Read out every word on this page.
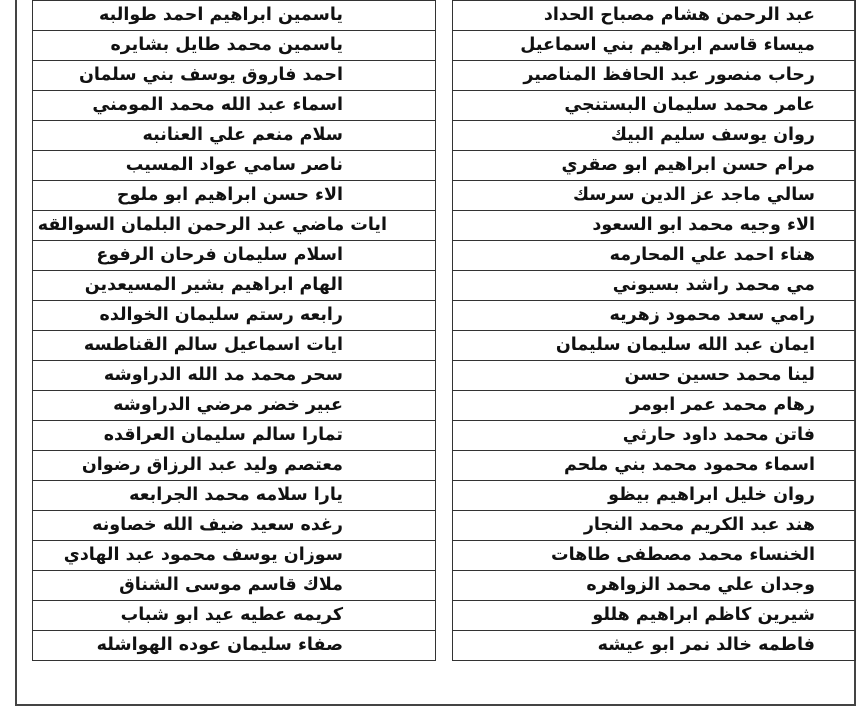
عبد الرحمن هشام مصباح الحداد
ميساء قاسم ابراهيم بني اسماعيل
رحاب منصور عبد الحافظ المناصير
عامر محمد سليمان البستنجي
روان يوسف سليم البيك
مرام حسن ابراهيم ابو صقري
سالي ماجد عز الدين سرسك
الاء وجيه محمد ابو السعود
هناء احمد علي المحارمه
مي محمد راشد بسيوني
رامي سعد محمود زهريه
ايمان عبد الله سليمان سليمان
لينا محمد حسين حسن
رهام محمد عمر ابومر
فاتن محمد داود حارثي
اسماء محمود محمد بني ملحم
روان خليل ابراهيم بيظو
هند عبد الكريم محمد النجار
الخنساء محمد مصطفى طاهات
وجدان علي محمد الزواهره
شيرين كاظم ابراهيم هللو
فاطمه خالد نمر ابو عيشه
ياسمين ابراهيم احمد طوالبه
ياسمين محمد طايل بشايره
احمد فاروق يوسف بني سلمان
اسماء عبد الله محمد المومني
سلام منعم علي العنانبه
ناصر سامي عواد المسيب
الاء حسن ابراهيم ابو ملوح
ايات ماضي عبد الرحمن البلمان السوالقه
اسلام سليمان فرحان الرفوع
الهام ابراهيم بشير المسيعدين
رابعه رستم سليمان الخوالده
ايات اسماعيل سالم القناطسه
سحر محمد مد الله الدراوشه
عبير خضر مرضي الدراوشه
تمارا سالم سليمان العراقده
معتصم وليد عبد الرزاق رضوان
يارا سلامه محمد الجرابعه
رغده سعيد ضيف الله خصاونه
سوزان يوسف محمود عبد الهادي
ملاك قاسم موسى الشناق
كريمه عطيه عيد ابو شباب
صفاء سليمان عوده الهواشله
